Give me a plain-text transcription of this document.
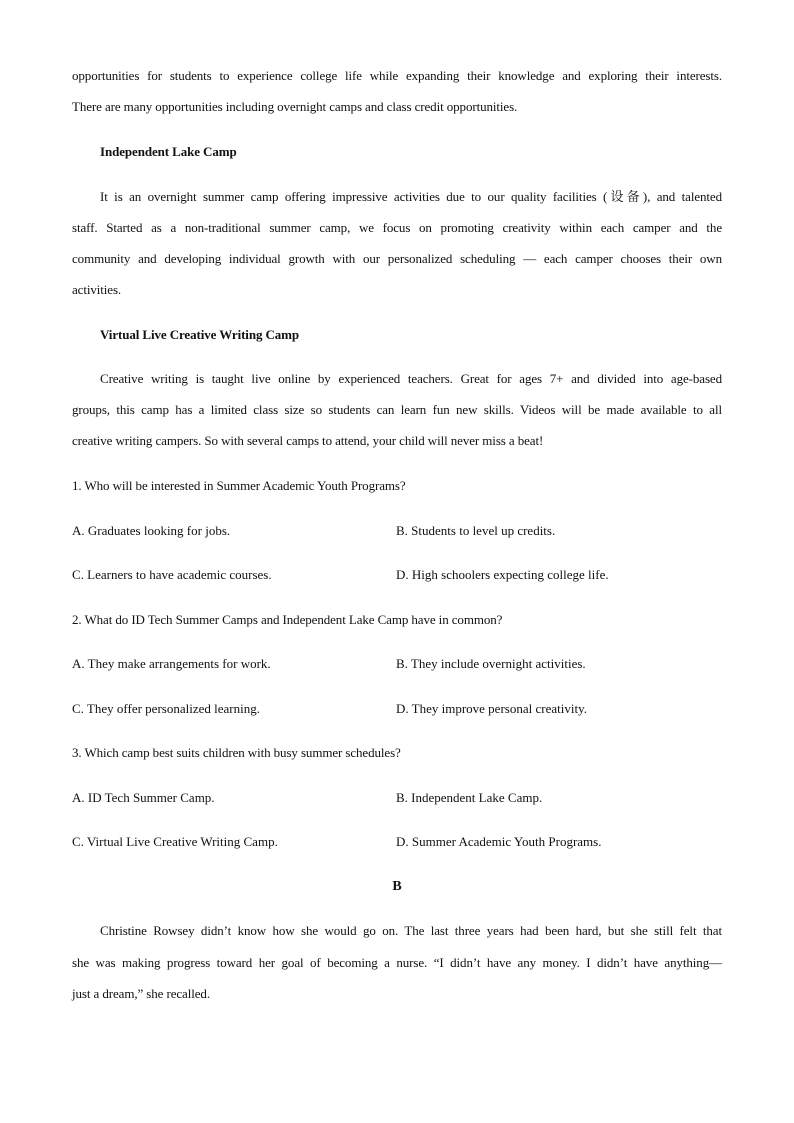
opportunities for students to experience college life while expanding their knowledge and exploring their interests.
There are many opportunities including overnight camps and class credit opportunities.
Independent Lake Camp
It is an overnight summer camp offering impressive activities due to our quality facilities (设备), and talented
staff. Started as a non-traditional summer camp, we focus on promoting creativity within each camper and the
community and developing individual growth with our personalized scheduling — each camper chooses their own
activities.
Virtual Live Creative Writing Camp
Creative writing is taught live online by experienced teachers. Great for ages 7+ and divided into age-based
groups, this camp has a limited class size so students can learn fun new skills. Videos will be made available to all
creative writing campers. So with several camps to attend, your child will never miss a beat!
1. Who will be interested in Summer Academic Youth Programs?
A. Graduates looking for jobs.	B. Students to level up credits.
C. Learners to have academic courses.	D. High schoolers expecting college life.
2. What do ID Tech Summer Camps and Independent Lake Camp have in common?
A. They make arrangements for work.	B. They include overnight activities.
C. They offer personalized learning.	D. They improve personal creativity.
3. Which camp best suits children with busy summer schedules?
A. ID Tech Summer Camp.	B. Independent Lake Camp.
C. Virtual Live Creative Writing Camp.	D. Summer Academic Youth Programs.
B
Christine Rowsey didn’t know how she would go on. The last three years had been hard, but she still felt that
she was making progress toward her goal of becoming a nurse. “I didn’t have any money. I didn’t have anything—
just a dream,” she recalled.
